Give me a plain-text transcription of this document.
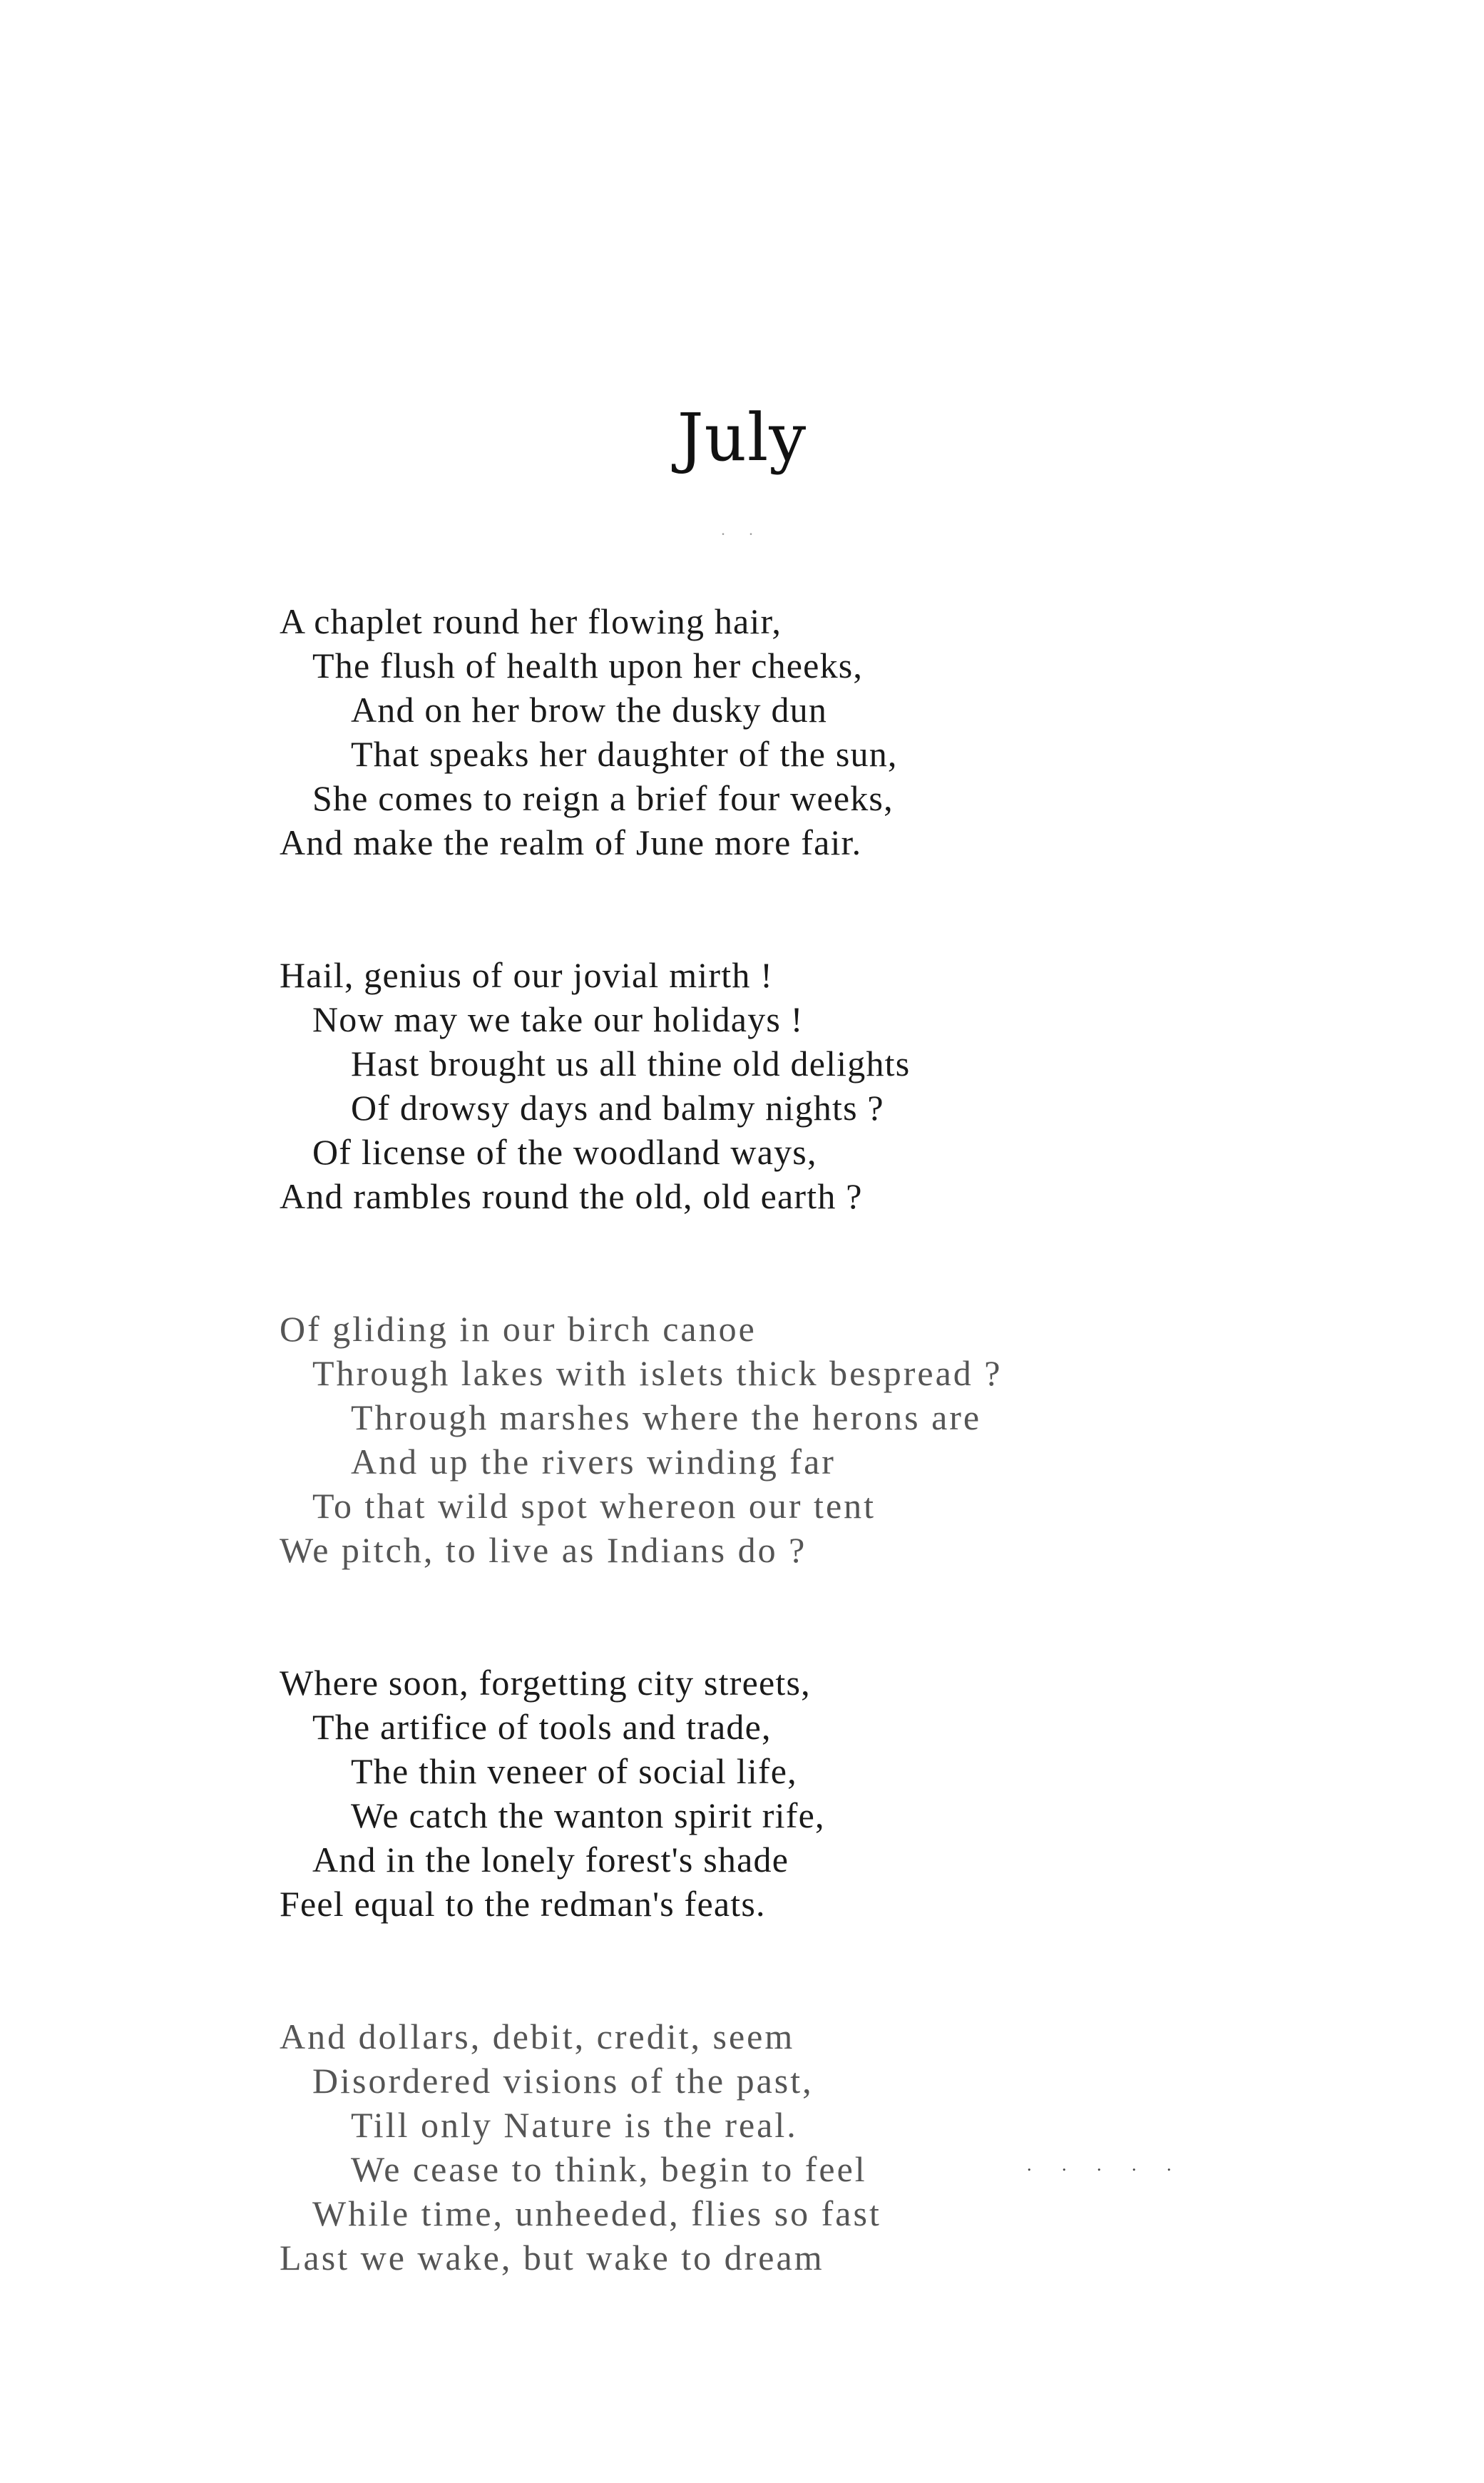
July
. .
A chaplet round her flowing hair,
The flush of health upon her cheeks,
And on her brow the dusky dun
That speaks her daughter of the sun,
She comes to reign a brief four weeks,
And make the realm of June more fair.
Hail, genius of our jovial mirth !
Now may we take our holidays !
Hast brought us all thine old delights
Of drowsy days and balmy nights ?
Of license of the woodland ways,
And rambles round the old, old earth ?
Of gliding in our birch canoe
Through lakes with islets thick bespread ?
Through marshes where the herons are
And up the rivers winding far
To that wild spot whereon our tent
We pitch, to live as Indians do ?
Where soon, forgetting city streets,
The artifice of tools and trade,
The thin veneer of social life,
We catch the wanton spirit rife,
And in the lonely forest's shade
Feel equal to the redman's feats.
And dollars, debit, credit, seem
Disordered visions of the past,
Till only Nature is the real.
We cease to think, begin to feel
While time, unheeded, flies so fast
Last we wake, but wake to dream
. . . . .
